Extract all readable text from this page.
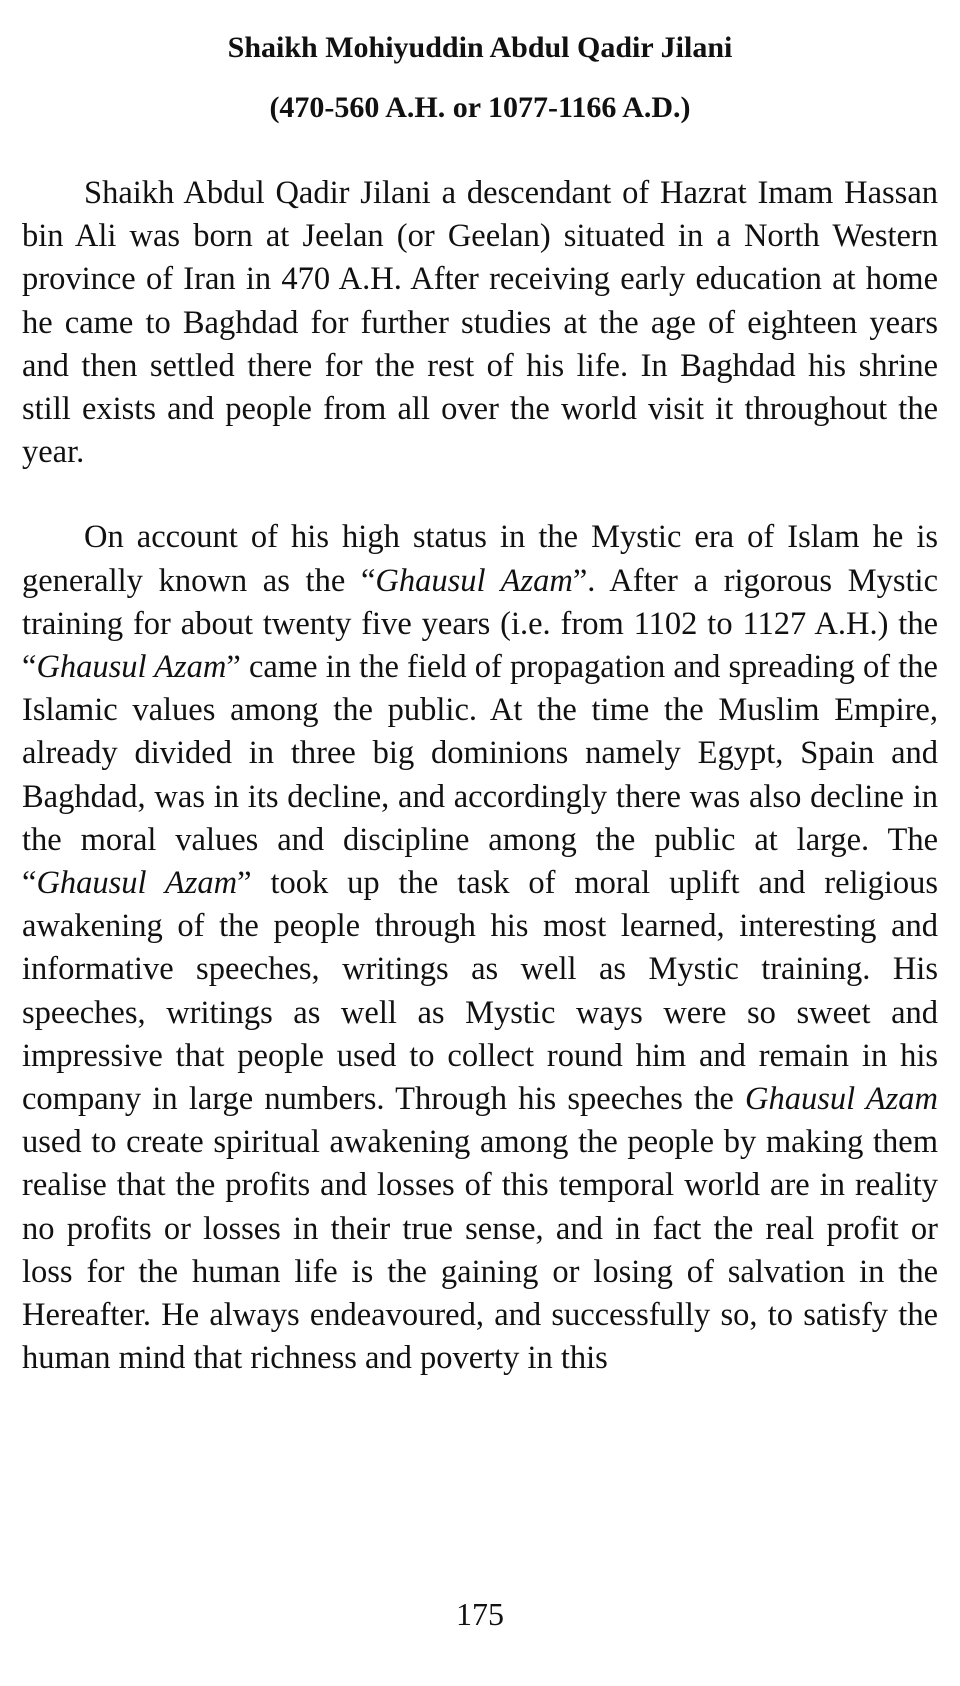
Shaikh Mohiyuddin Abdul Qadir Jilani
(470-560 A.H. or 1077-1166 A.D.)

Shaikh Abdul Qadir Jilani a descendant of Hazrat Imam Hassan bin Ali was born at Jeelan (or Geelan) situated in a North Western province of Iran in 470 A.H. After receiving early education at home he came to Baghdad for further studies at the age of eighteen years and then settled there for the rest of his life. In Baghdad his shrine still exists and people from all over the world visit it throughout the year.

On account of his high status in the Mystic era of Islam he is generally known as the “Ghausul Azam”. After a rigorous Mystic training for about twenty five years (i.e. from 1102 to 1127 A.H.) the “Ghausul Azam” came in the field of propagation and spreading of the Islamic values among the public. At the time the Muslim Empire, already divided in three big dominions namely Egypt, Spain and Baghdad, was in its decline, and accordingly there was also decline in the moral values and discipline among the public at large. The “Ghausul Azam” took up the task of moral uplift and religious awakening of the people through his most learned, interesting and informative speeches, writings as well as Mystic training. His speeches, writings as well as Mystic ways were so sweet and impressive that people used to collect round him and remain in his company in large numbers. Through his speeches the Ghausul Azam used to create spiritual awakening among the people by making them realise that the profits and losses of this temporal world are in reality no profits or losses in their true sense, and in fact the real profit or loss for the human life is the gaining or losing of salvation in the Hereafter. He always endeavoured, and successfully so, to satisfy the human mind that richness and poverty in this

175
